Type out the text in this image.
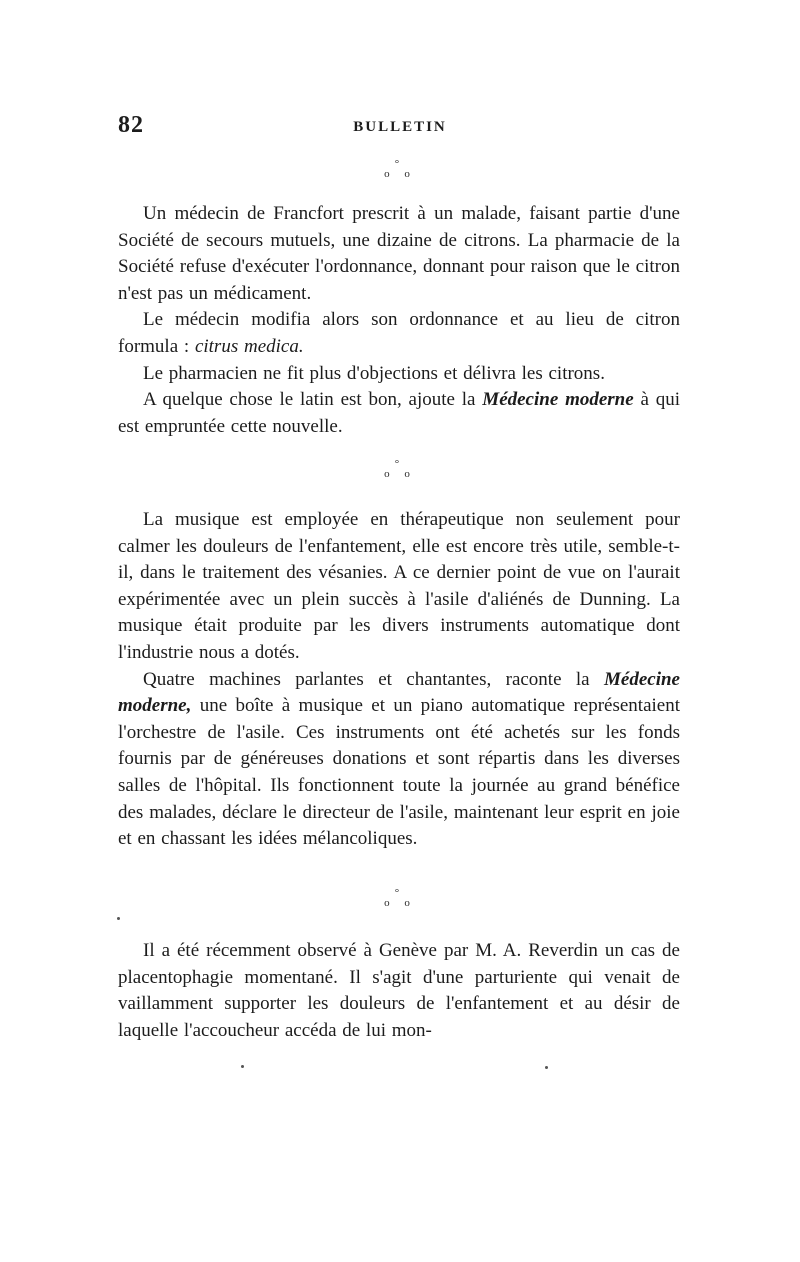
82	BULLETIN
°
o o

Un médecin de Francfort prescrit à un malade, faisant partie d'une Société de secours mutuels, une dizaine de citrons. La pharmacie de la Société refuse d'exécuter l'ordonnance, donnant pour raison que le citron n'est pas un médicament.

Le médecin modifia alors son ordonnance et au lieu de citron formula : citrus medica.

Le pharmacien ne fit plus d'objections et délivra les citrons.

A quelque chose le latin est bon, ajoute la Médecine moderne à qui est empruntée cette nouvelle.

°
o o

La musique est employée en thérapeutique non seulement pour calmer les douleurs de l'enfantement, elle est encore très utile, semble-t-il, dans le traitement des vésanies. A ce dernier point de vue on l'aurait expérimentée avec un plein succès à l'asile d'aliénés de Dunning. La musique était produite par les divers instruments automatique dont l'industrie nous a dotés.

Quatre machines parlantes et chantantes, raconte la Médecine moderne, une boîte à musique et un piano automatique représentaient l'orchestre de l'asile. Ces instruments ont été achetés sur les fonds fournis par de généreuses donations et sont répartis dans les diverses salles de l'hôpital. Ils fonctionnent toute la journée au grand bénéfice des malades, déclare le directeur de l'asile, maintenant leur esprit en joie et en chassant les idées mélancoliques.

°
o o

Il a été récemment observé à Genève par M. A. Reverdin un cas de placentophagie momentané. Il s'agit d'une parturiente qui venait de vaillamment supporter les douleurs de l'enfantement et au désir de laquelle l'accoucheur accéda de lui mon-
